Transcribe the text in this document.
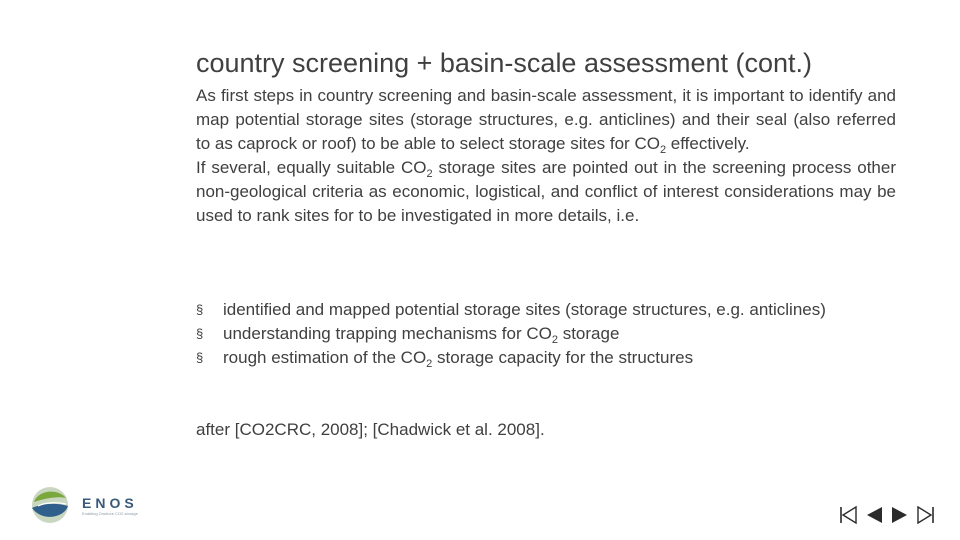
country screening + basin-scale assessment (cont.)

As first steps in country screening and basin-scale assessment, it is important to identify and map potential storage sites (storage structures, e.g. anticlines) and their seal (also referred to as caprock or roof) to be able to select storage sites for $CO_2$ effectively.

If several, equally suitable $CO_2$ storage sites are pointed out in the screening process other non-geological criteria as economic, logistical, and conflict of interest considerations may be used to rank sites for to be investigated in more details, i.e.

§ identified and mapped potential storage sites (storage structures, e.g. anticlines)
§ understanding trapping mechanisms for $CO_2$ storage
§ rough estimation of the $CO_2$ storage capacity for the structures
after [CO2CRC, 2008]; [Chadwick et al. 2008].
ENOS
Enabling Onshore CO2 storage
